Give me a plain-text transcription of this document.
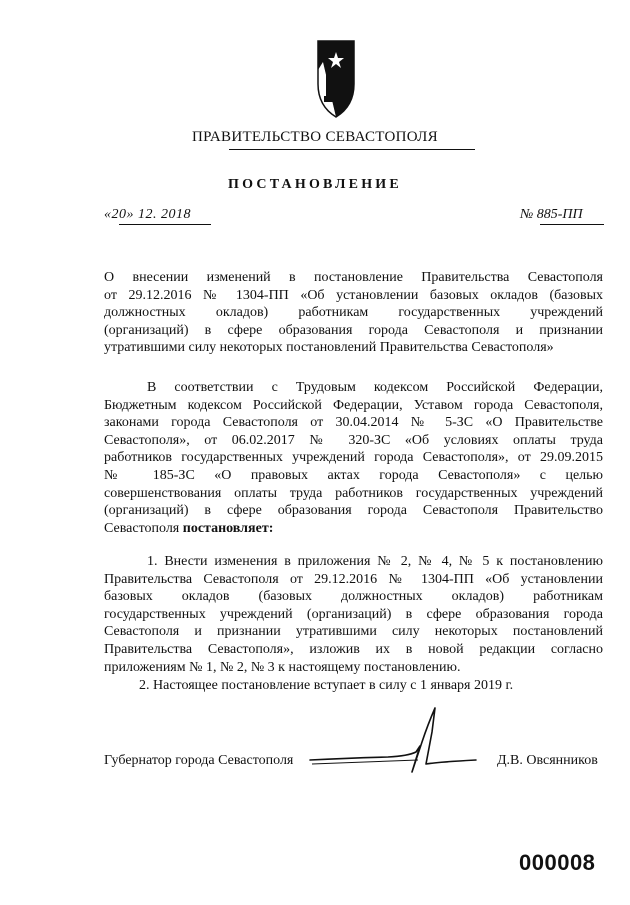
ПРАВИТЕЛЬСТВО СЕВАСТОПОЛЯ
ПОСТАНОВЛЕНИЕ
«20» 12. 2018	№ 885-ПП
О внесении изменений в постановление Правительства Севастополя
от 29.12.2016 № 1304-ПП «Об установлении базовых окладов (базовых
должностных окладов) работникам государственных учреждений
(организаций) в сфере образования города Севастополя и признании
утратившими силу некоторых постановлений Правительства Севастополя»
В соответствии с Трудовым кодексом Российской Федерации,
Бюджетным кодексом Российской Федерации, Уставом города Севастополя,
законами города Севастополя от 30.04.2014 № 5-ЗС «О Правительстве
Севастополя», от 06.02.2017 № 320-ЗС «Об условиях оплаты труда
работников государственных учреждений города Севастополя», от 29.09.2015
№ 185-ЗС «О правовых актах города Севастополя» с целью
совершенствования оплаты труда работников государственных учреждений
(организаций) в сфере образования города Севастополя Правительство
Севастополя постановляет:
1. Внести изменения в приложения № 2, № 4, № 5 к постановлению
Правительства Севастополя от 29.12.2016 № 1304-ПП «Об установлении
базовых окладов (базовых должностных окладов) работникам
государственных учреждений (организаций) в сфере образования города
Севастополя и признании утратившими силу некоторых постановлений
Правительства Севастополя», изложив их в новой редакции согласно
приложениям № 1, № 2, № 3 к настоящему постановлению.
2. Настоящее постановление вступает в силу с 1 января 2019 г.
Губернатор города Севастополя	Д.В. Овсянников
000008
